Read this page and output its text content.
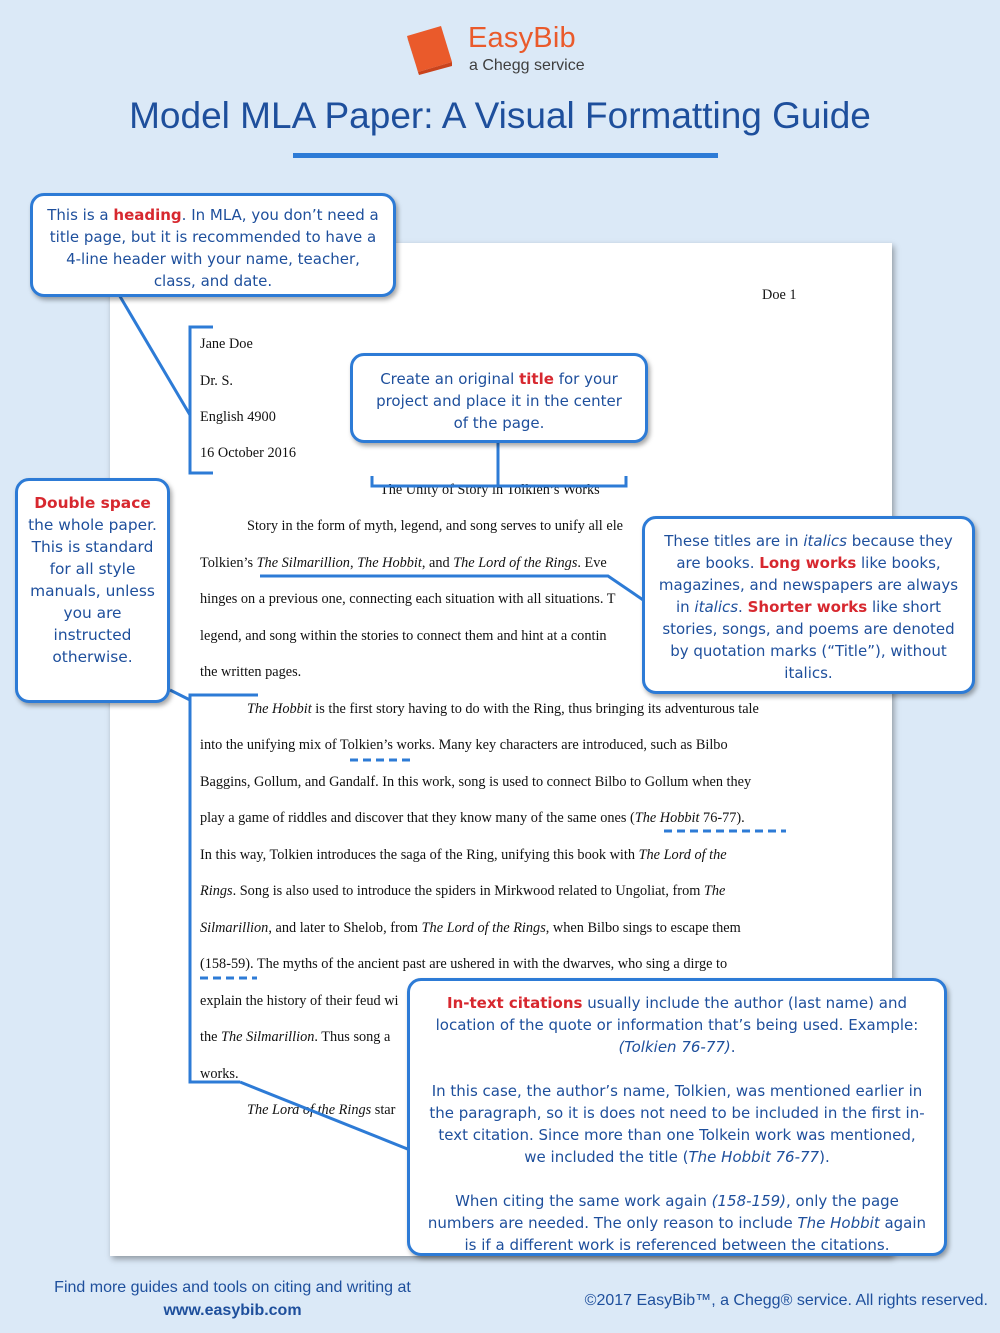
EasyBib
a Chegg service
Model MLA Paper: A Visual Formatting Guide
Doe 1
Jane Doe
Dr. S.
English 4900
16 October 2016
The Unity of Story in Tolkien’s Works
Story in the form of myth, legend, and song serves to unify all ele
Tolkien’s The Silmarillion, The Hobbit, and The Lord of the Rings. Eve
hinges on a previous one, connecting each situation with all situations. T
legend, and song within the stories to connect them and hint at a contin
the written pages.
The Hobbit is the first story having to do with the Ring, thus bringing its adventurous tale
into the unifying mix of Tolkien’s works. Many key characters are introduced, such as Bilbo
Baggins, Gollum, and Gandalf. In this work, song is used to connect Bilbo to Gollum when they
play a game of riddles and discover that they know many of the same ones (The Hobbit 76-77).
In this way, Tolkien introduces the saga of the Ring, unifying this book with The Lord of the
Rings. Song is also used to introduce the spiders in Mirkwood related to Ungoliat, from The
Silmarillion, and later to Shelob, from The Lord of the Rings, when Bilbo sings to escape them
(158-59). The myths of the ancient past are ushered in with the dwarves, who sing a dirge to
explain the history of their feud wi
the The Silmarillion. Thus song a
works.
The Lord of the Rings star
This is a heading. In MLA, you don’t need a title page, but it is recommended to have a 4-line header with your name, teacher, class, and date.
Create an original title for your project and place it in the center of the page.
Double space the whole paper. This is standard for all style manuals, unless you are instructed otherwise.
These titles are in italics because they are books. Long works like books, magazines, and newspapers are always in italics. Shorter works like short stories, songs, and poems are denoted by quotation marks (“Title”), without italics.
In-text citations usually include the author (last name) and location of the quote or information that’s being used. Example: (Tolkien 76-77).
In this case, the author’s name, Tolkien, was mentioned earlier in the paragraph, so it is does not need to be included in the first in-text citation. Since more than one Tolkein work was mentioned, we included the title (The Hobbit 76-77).
When citing the same work again (158-159), only the page numbers are needed. The only reason to include The Hobbit again is if a different work is referenced between the citations.
Find more guides and tools on citing and writing at
www.easybib.com
©2017 EasyBib™, a Chegg® service. All rights reserved.
